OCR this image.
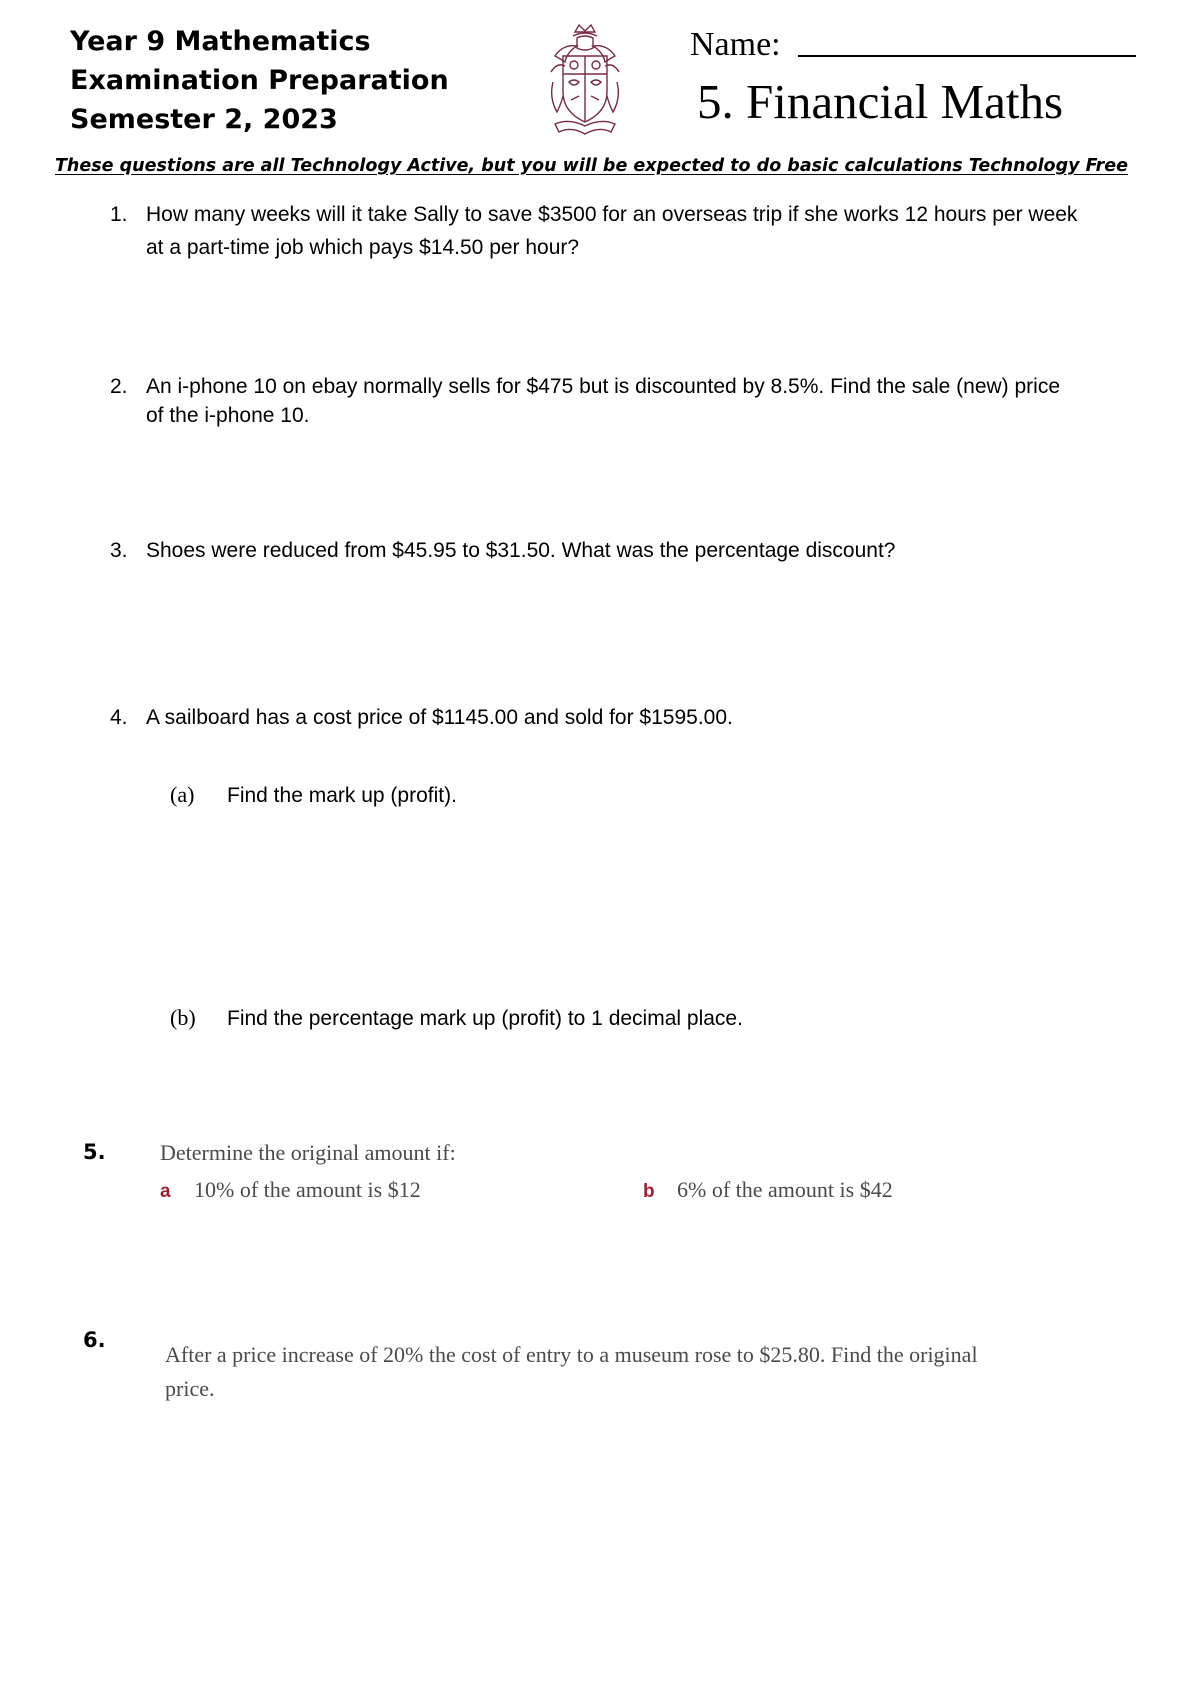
Year 9 Mathematics
Examination Preparation
Semester 2, 2023
Name:
5. Financial Maths
These questions are all Technology Active, but you will be expected to do basic calculations Technology Free
1. How many weeks will it take Sally to save $3500 for an overseas trip if she works 12 hours per week
at a part-time job which pays $14.50 per hour?
2. An i-phone 10 on ebay normally sells for $475 but is discounted by 8.5%. Find the sale (new) price
of the i-phone 10.
3. Shoes were reduced from $45.95 to $31.50. What was the percentage discount?
4. A sailboard has a cost price of $1145.00 and sold for $1595.00.
(a) Find the mark up (profit).
(b) Find the percentage mark up (profit) to 1 decimal place.
5. Determine the original amount if:
a 10% of the amount is $12	b 6% of the amount is $42
6.
After a price increase of 20% the cost of entry to a museum rose to $25.80. Find the original
price.
